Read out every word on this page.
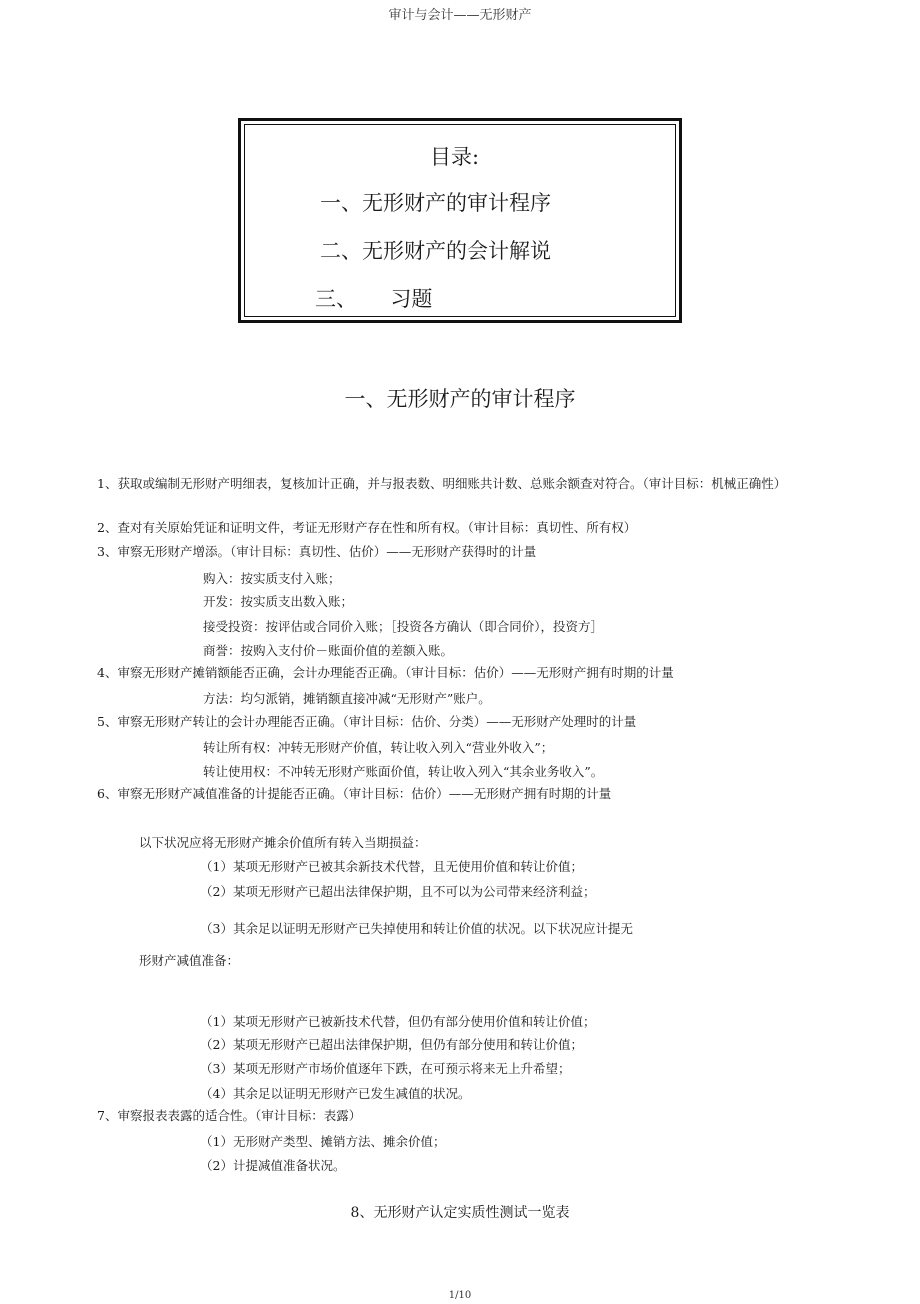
审计与会计——无形财产
目录:
一、无形财产的审计程序
二、无形财产的会计解说
三、     习题
一、无形财产的审计程序
1、获取或编制无形财产明细表，复核加计正确，并与报表数、明细账共计数、总账余额查对符合。（审计目标：机械正确性）
2、查对有关原始凭证和证明文件，考证无形财产存在性和所有权。（审计目标：真切性、所有权）
3、审察无形财产增添。（审计目标：真切性、估价）——无形财产获得时的计量
购入：按实质支付入账；
开发：按实质支出数入账；
接受投资：按评估或合同价入账；［投资各方确认（即合同价），投资方］
商誉：按购入支付价－账面价值的差额入账。
4、审察无形财产摊销额能否正确，会计办理能否正确。（审计目标：估价）——无形财产拥有时期的计量
方法：均匀派销，摊销额直接冲减“无形财产”账户。
5、审察无形财产转让的会计办理能否正确。（审计目标：估价、分类）——无形财产处理时的计量
转让所有权：冲转无形财产价值，转让收入列入“营业外收入”；
转让使用权：不冲转无形财产账面价值，转让收入列入“其余业务收入”。
6、审察无形财产减值准备的计提能否正确。（审计目标：估价）——无形财产拥有时期的计量
以下状况应将无形财产摊余价值所有转入当期损益：
（1）某项无形财产已被其余新技术代替，且无使用价值和转让价值；
（2）某项无形财产已超出法律保护期，且不可以为公司带来经济利益；
（3）其余足以证明无形财产已失掉使用和转让价值的状况。以下状况应计提无
形财产减值准备：
（1）某项无形财产已被新技术代替，但仍有部分使用价值和转让价值；
（2）某项无形财产已超出法律保护期，但仍有部分使用和转让价值；
（3）某项无形财产市场价值逐年下跌，在可预示将来无上升希望；
（4）其余足以证明无形财产已发生减值的状况。
7、审察报表表露的适合性。（审计目标：表露）
（1）无形财产类型、摊销方法、摊余价值；
（2）计提减值准备状况。
8、无形财产认定实质性测试一览表
1/10
